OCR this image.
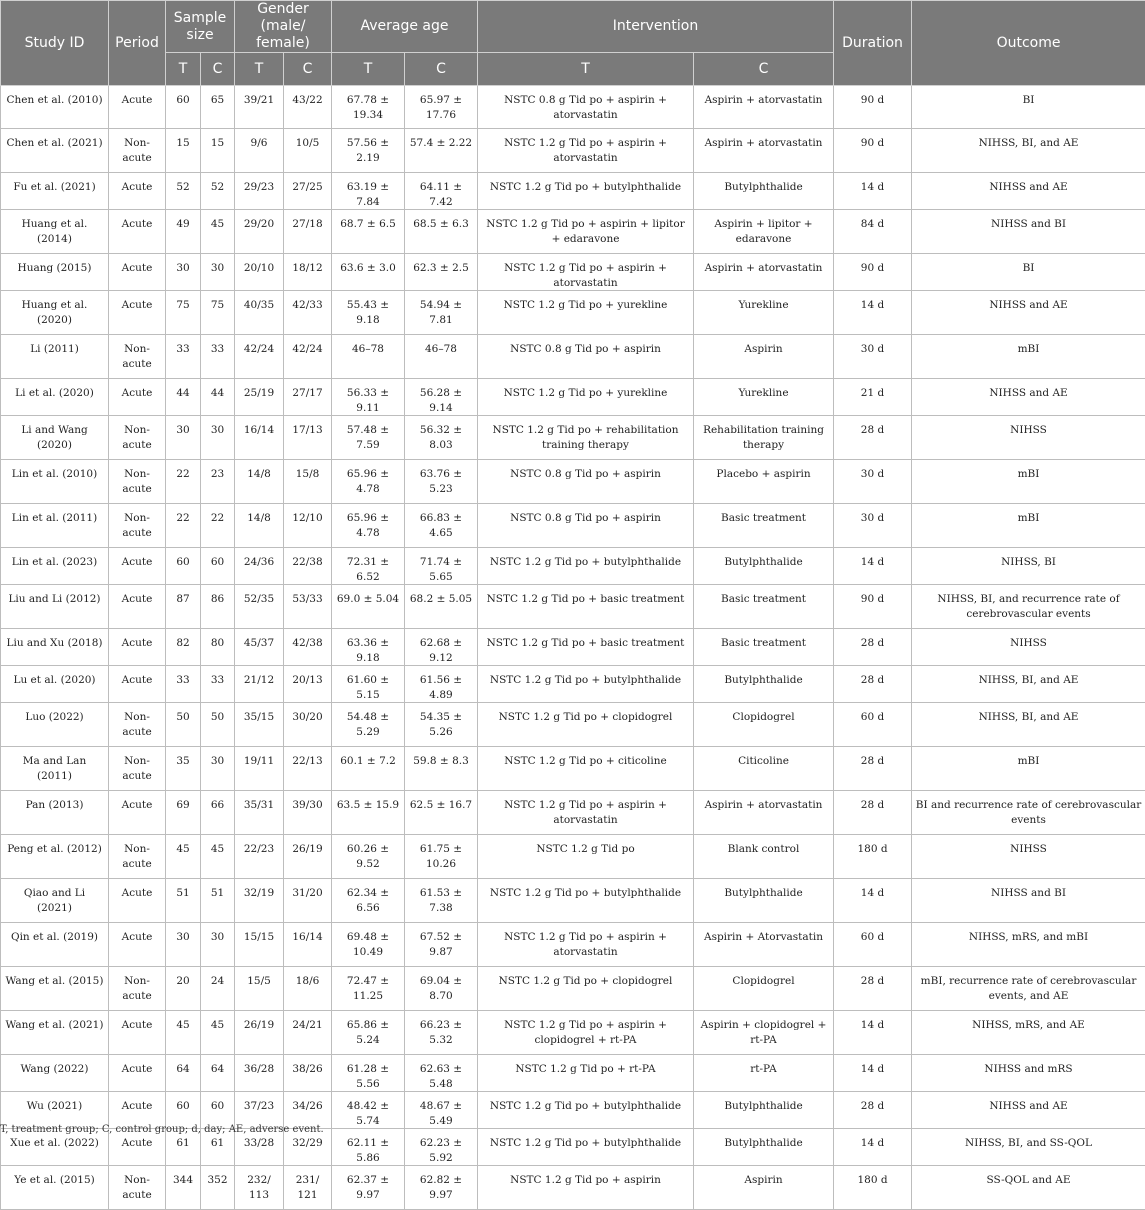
Study ID	Period	Sample size		Gender (male/ female)		Average age		Intervention		Duration	Outcome
		T	C	T	C	T	C	T	C		
Chen et al. (2010)	Acute	60	65	39/21	43/22	67.78 ± 19.34	65.97 ± 17.76	NSTC 0.8 g Tid po + aspirin + atorvastatin	Aspirin + atorvastatin	90 d	BI
Chen et al. (2021)	Non-acute	15	15	9/6	10/5	57.56 ± 2.19	57.4 ± 2.22	NSTC 1.2 g Tid po + aspirin + atorvastatin	Aspirin + atorvastatin	90 d	NIHSS, BI, and AE
Fu et al. (2021)	Acute	52	52	29/23	27/25	63.19 ± 7.84	64.11 ± 7.42	NSTC 1.2 g Tid po + butylphthalide	Butylphthalide	14 d	NIHSS and AE
Huang et al. (2014)	Acute	49	45	29/20	27/18	68.7 ± 6.5	68.5 ± 6.3	NSTC 1.2 g Tid po + aspirin + lipitor + edaravone	Aspirin + lipitor + edaravone	84 d	NIHSS and BI
Huang (2015)	Acute	30	30	20/10	18/12	63.6 ± 3.0	62.3 ± 2.5	NSTC 1.2 g Tid po + aspirin + atorvastatin	Aspirin + atorvastatin	90 d	BI
Huang et al. (2020)	Acute	75	75	40/35	42/33	55.43 ± 9.18	54.94 ± 7.81	NSTC 1.2 g Tid po + yurekline	Yurekline	14 d	NIHSS and AE
Li (2011)	Non-acute	33	33	42/24	42/24	46–78	46–78	NSTC 0.8 g Tid po + aspirin	Aspirin	30 d	mBI
Li et al. (2020)	Acute	44	44	25/19	27/17	56.33 ± 9.11	56.28 ± 9.14	NSTC 1.2 g Tid po + yurekline	Yurekline	21 d	NIHSS and AE
Li and Wang (2020)	Non-acute	30	30	16/14	17/13	57.48 ± 7.59	56.32 ± 8.03	NSTC 1.2 g Tid po + rehabilitation training therapy	Rehabilitation training therapy	28 d	NIHSS
Lin et al. (2010)	Non-acute	22	23	14/8	15/8	65.96 ± 4.78	63.76 ± 5.23	NSTC 0.8 g Tid po + aspirin	Placebo + aspirin	30 d	mBI
Lin et al. (2011)	Non-acute	22	22	14/8	12/10	65.96 ± 4.78	66.83 ± 4.65	NSTC 0.8 g Tid po + aspirin	Basic treatment	30 d	mBI
Lin et al. (2023)	Acute	60	60	24/36	22/38	72.31 ± 6.52	71.74 ± 5.65	NSTC 1.2 g Tid po + butylphthalide	Butylphthalide	14 d	NIHSS, BI
Liu and Li (2012)	Acute	87	86	52/35	53/33	69.0 ± 5.04	68.2 ± 5.05	NSTC 1.2 g Tid po + basic treatment	Basic treatment	90 d	NIHSS, BI, and recurrence rate of cerebrovascular events
Liu and Xu (2018)	Acute	82	80	45/37	42/38	63.36 ± 9.18	62.68 ± 9.12	NSTC 1.2 g Tid po + basic treatment	Basic treatment	28 d	NIHSS
Lu et al. (2020)	Acute	33	33	21/12	20/13	61.60 ± 5.15	61.56 ± 4.89	NSTC 1.2 g Tid po + butylphthalide	Butylphthalide	28 d	NIHSS, BI, and AE
Luo (2022)	Non-acute	50	50	35/15	30/20	54.48 ± 5.29	54.35 ± 5.26	NSTC 1.2 g Tid po + clopidogrel	Clopidogrel	60 d	NIHSS, BI, and AE
Ma and Lan (2011)	Non-acute	35	30	19/11	22/13	60.1 ± 7.2	59.8 ± 8.3	NSTC 1.2 g Tid po + citicoline	Citicoline	28 d	mBI
Pan (2013)	Acute	69	66	35/31	39/30	63.5 ± 15.9	62.5 ± 16.7	NSTC 1.2 g Tid po + aspirin + atorvastatin	Aspirin + atorvastatin	28 d	BI and recurrence rate of cerebrovascular events
Peng et al. (2012)	Non-acute	45	45	22/23	26/19	60.26 ± 9.52	61.75 ± 10.26	NSTC 1.2 g Tid po	Blank control	180 d	NIHSS
Qiao and Li (2021)	Acute	51	51	32/19	31/20	62.34 ± 6.56	61.53 ± 7.38	NSTC 1.2 g Tid po + butylphthalide	Butylphthalide	14 d	NIHSS and BI
Qin et al. (2019)	Acute	30	30	15/15	16/14	69.48 ± 10.49	67.52 ± 9.87	NSTC 1.2 g Tid po + aspirin + atorvastatin	Aspirin + Atorvastatin	60 d	NIHSS, mRS, and mBI
Wang et al. (2015)	Non-acute	20	24	15/5	18/6	72.47 ± 11.25	69.04 ± 8.70	NSTC 1.2 g Tid po + clopidogrel	Clopidogrel	28 d	mBI, recurrence rate of cerebrovascular events, and AE
Wang et al. (2021)	Acute	45	45	26/19	24/21	65.86 ± 5.24	66.23 ± 5.32	NSTC 1.2 g Tid po + aspirin + clopidogrel + rt-PA	Aspirin + clopidogrel + rt-PA	14 d	NIHSS, mRS, and AE
Wang (2022)	Acute	64	64	36/28	38/26	61.28 ± 5.56	62.63 ± 5.48	NSTC 1.2 g Tid po + rt-PA	rt-PA	14 d	NIHSS and mRS
Wu (2021)	Acute	60	60	37/23	34/26	48.42 ± 5.74	48.67 ± 5.49	NSTC 1.2 g Tid po + butylphthalide	Butylphthalide	28 d	NIHSS and AE
Xue et al. (2022)	Acute	61	61	33/28	32/29	62.11 ± 5.86	62.23 ± 5.92	NSTC 1.2 g Tid po + butylphthalide	Butylphthalide	14 d	NIHSS, BI, and SS-QOL
Ye et al. (2015)	Non-acute	344	352	232/ 113	231/ 121	62.37 ± 9.97	62.82 ± 9.97	NSTC 1.2 g Tid po + aspirin	Aspirin	180 d	SS-QOL and AE
T, treatment group; C, control group; d, day; AE, adverse event.
